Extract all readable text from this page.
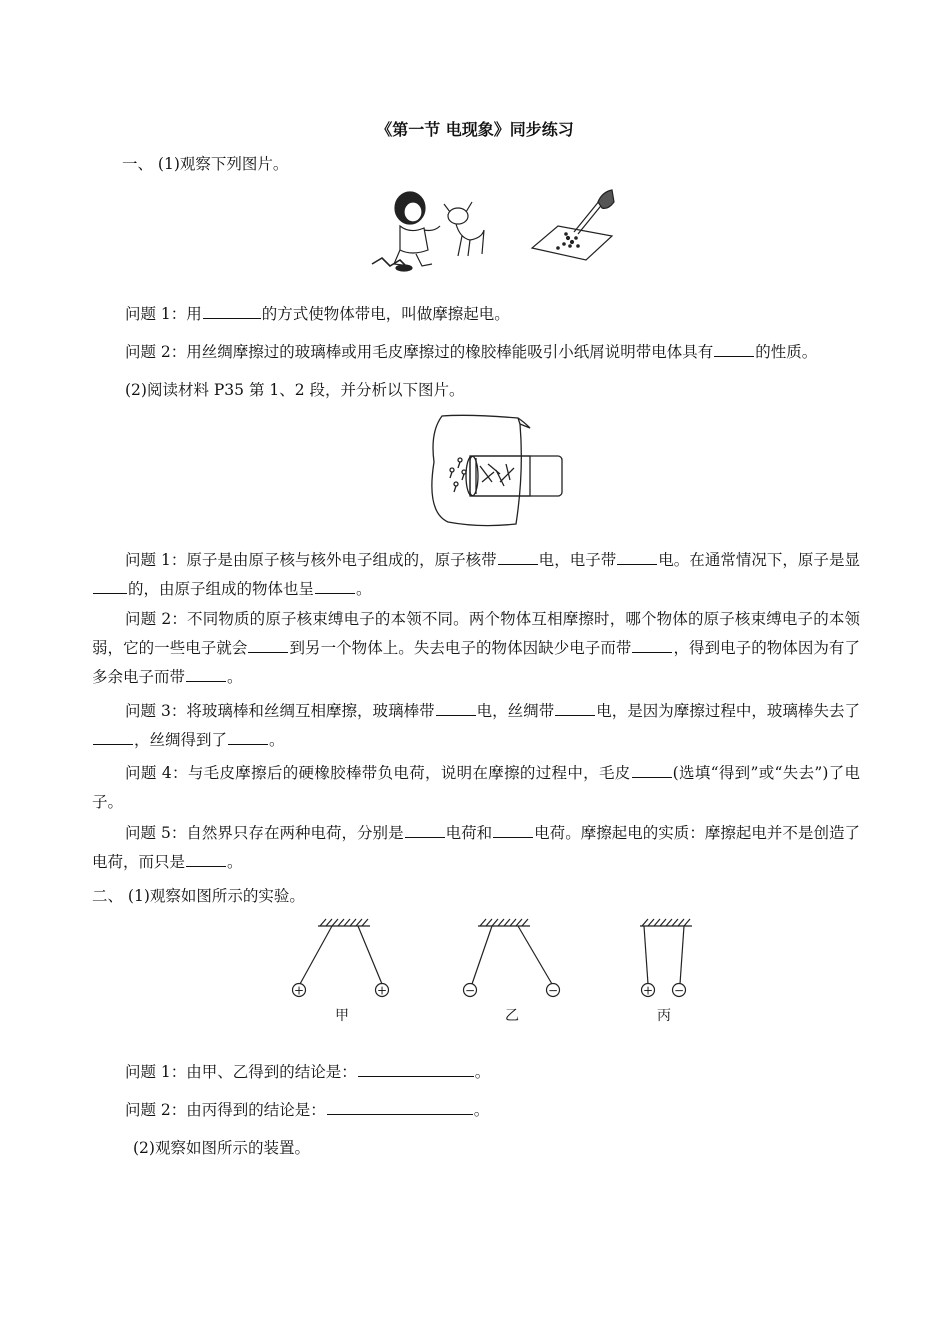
《第一节 电现象》同步练习
一、 (1)观察下列图片。
问题 1：用	的方式使物体带电，叫做摩擦起电。
问题 2：用丝绸摩擦过的玻璃棒或用毛皮摩擦过的橡胶棒能吸引小纸屑说明带电体具有	的性质。
(2)阅读材料 P35 第 1、2 段，并分析以下图片。
问题 1：原子是由原子核与核外电子组成的，原子核带	电，电子带	电。在通常情况下，原子是显的，由原子组成的物体也呈	。
问题 2：不同物质的原子核束缚电子的本领不同。两个物体互相摩擦时，哪个物体的原子核束缚电子的本领弱，它的一些电子就会	到另一个物体上。失去电子的物体因缺少电子而带	，得到电子的物体因为有了多余电子而带	。
问题 3：将玻璃棒和丝绸互相摩擦，玻璃棒带	电，丝绸带	电，是因为摩擦过程中，玻璃棒失去了，丝绸得到了	。
问题 4：与毛皮摩擦后的硬橡胶棒带负电荷，说明在摩擦的过程中，毛皮	(选填“得到”或“失去”)了电子。
问题 5：自然界只存在两种电荷，分别是	电荷和	电荷。摩擦起电的实质：摩擦起电并不是创造了电荷，而只是	。
二、 (1)观察如图所示的实验。
+	+	−	−	+ −
甲	乙	丙
问题 1：由甲、乙得到的结论是：	。
问题 2：由丙得到的结论是：	。
(2)观察如图所示的装置。
